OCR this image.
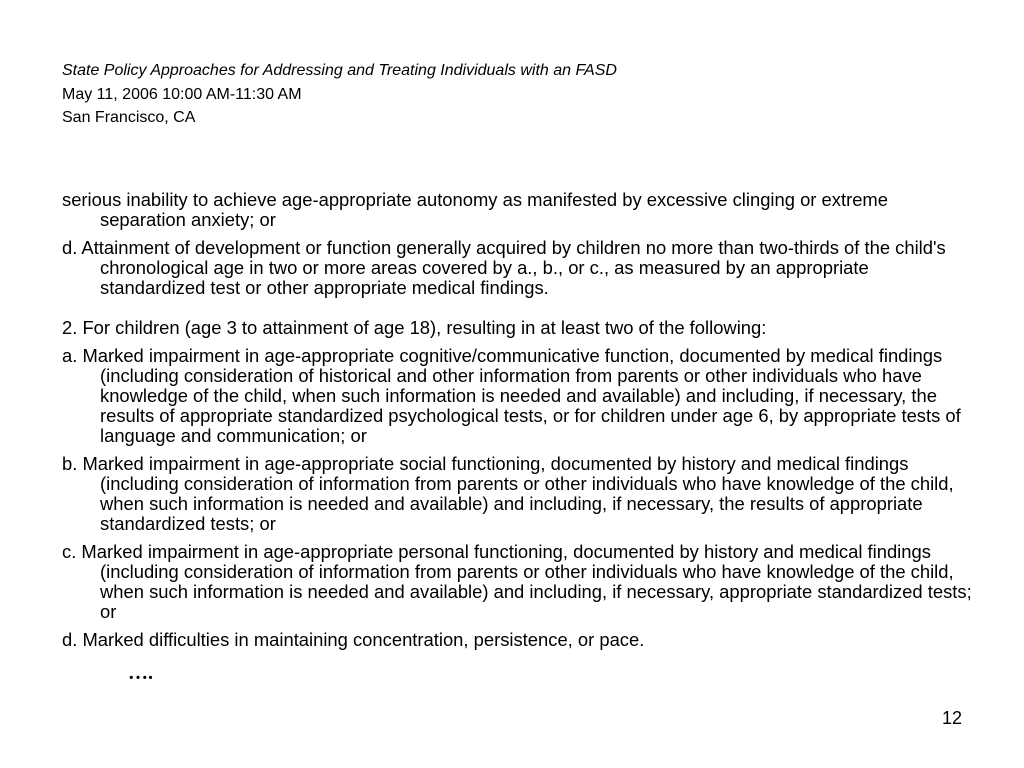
State Policy Approaches for Addressing and Treating Individuals with an FASD
May 11, 2006 10:00 AM-11:30 AM
San Francisco, CA

serious inability to achieve age-appropriate autonomy as manifested by excessive clinging or extreme separation anxiety; or

d. Attainment of development or function generally acquired by children no more than two-thirds of the child's chronological age in two or more areas covered by a., b., or c., as measured by an appropriate standardized test or other appropriate medical findings.

2. For children (age 3 to attainment of age 18), resulting in at least two of the following:

a. Marked impairment in age-appropriate cognitive/communicative function, documented by medical findings (including consideration of historical and other information from parents or other individuals who have knowledge of the child, when such information is needed and available) and including, if necessary, the results of appropriate standardized psychological tests, or for children under age 6, by appropriate tests of language and communication; or

b. Marked impairment in age-appropriate social functioning, documented by history and medical findings (including consideration of information from parents or other individuals who have knowledge of the child, when such information is needed and available) and including, if necessary, the results of appropriate standardized tests; or

c. Marked impairment in age-appropriate personal functioning, documented by history and medical findings (including consideration of information from parents or other individuals who have knowledge of the child, when such information is needed and available) and including, if necessary, appropriate standardized tests; or

d. Marked difficulties in maintaining concentration, persistence, or pace.

….
12
